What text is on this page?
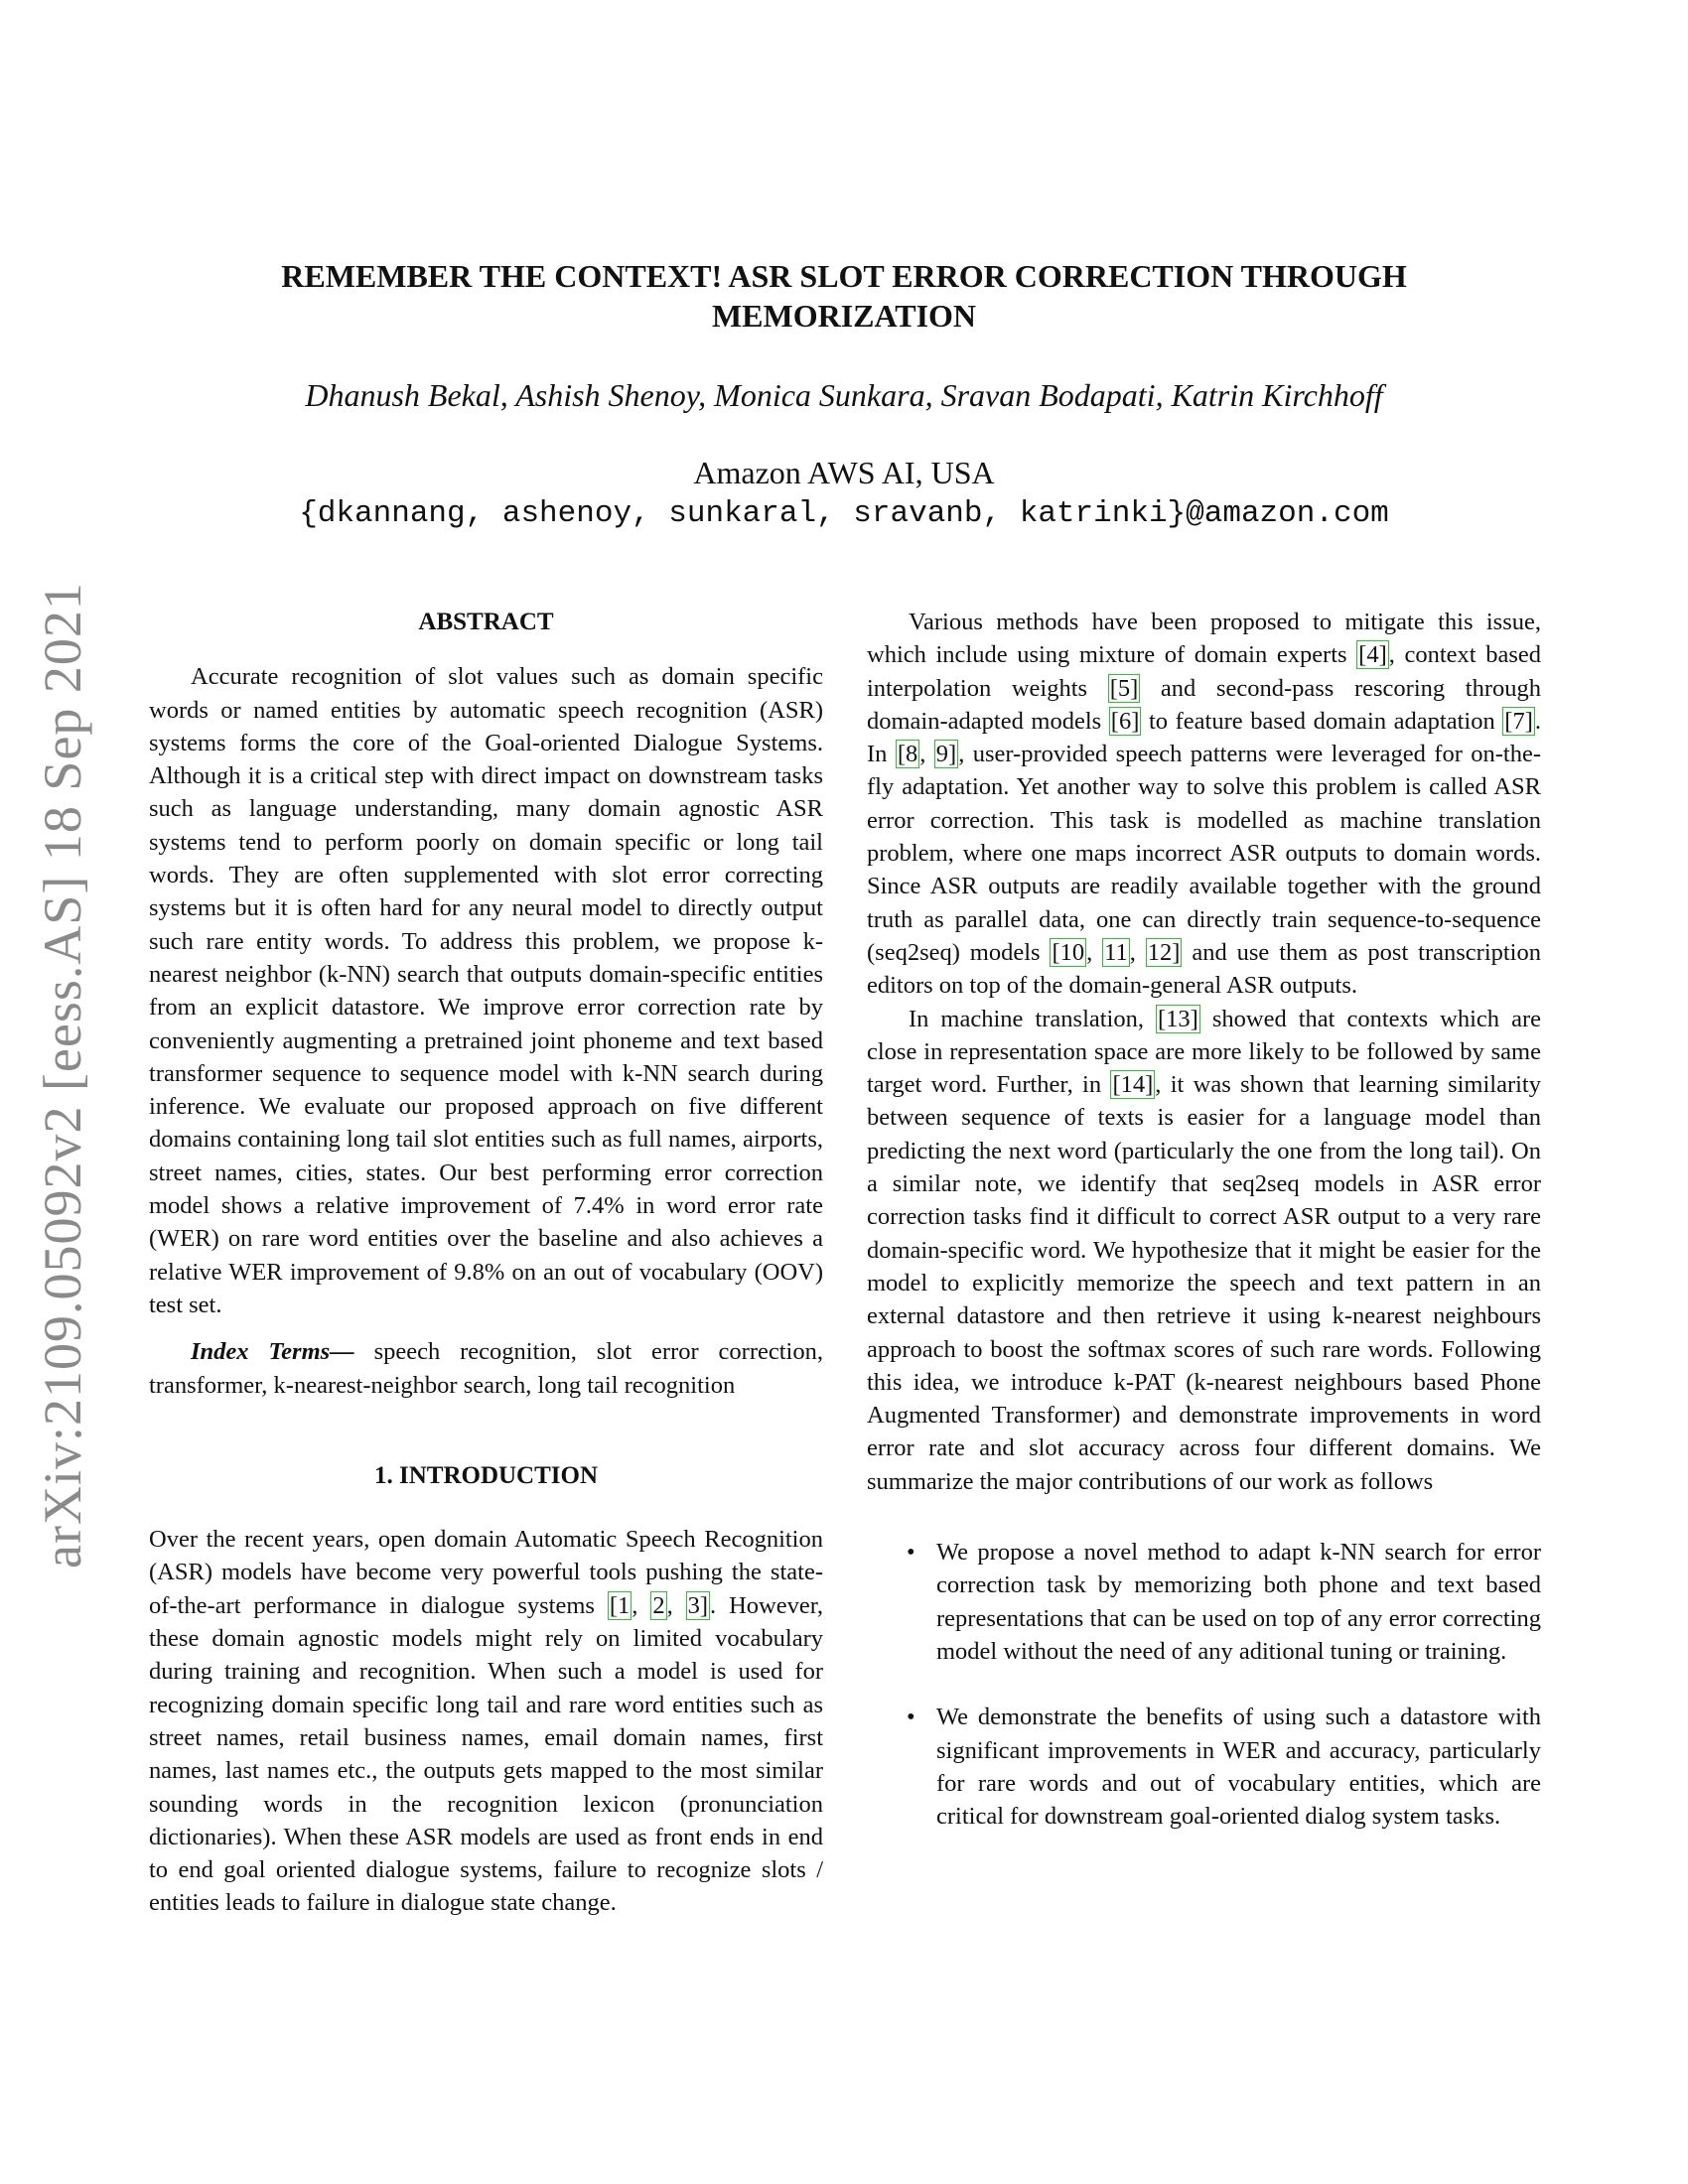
arXiv:2109.05092v2 [eess.AS] 18 Sep 2021
REMEMBER THE CONTEXT! ASR SLOT ERROR CORRECTION THROUGH
MEMORIZATION
Dhanush Bekal, Ashish Shenoy, Monica Sunkara, Sravan Bodapati, Katrin Kirchhoff
Amazon AWS AI, USA
{dkannang, ashenoy, sunkaral, sravanb, katrinki}@amazon.com

ABSTRACT

Accurate recognition of slot values such as domain specific words or named entities by automatic speech recognition (ASR) systems forms the core of the Goal-oriented Dialogue Systems. Although it is a critical step with direct impact on downstream tasks such as language understanding, many domain agnostic ASR systems tend to perform poorly on domain specific or long tail words. They are often supplemented with slot error correcting systems but it is often hard for any neural model to directly output such rare entity words. To address this problem, we propose k-nearest neighbor (k-NN) search that outputs domain-specific entities from an explicit datastore. We improve error correction rate by conveniently augmenting a pretrained joint phoneme and text based transformer sequence to sequence model with k-NN search during inference. We evaluate our proposed approach on five different domains containing long tail slot entities such as full names, airports, street names, cities, states. Our best performing error correction model shows a relative improvement of 7.4% in word error rate (WER) on rare word entities over the baseline and also achieves a relative WER improvement of 9.8% on an out of vocabulary (OOV) test set.

Index Terms— speech recognition, slot error correction, transformer, k-nearest-neighbor search, long tail recognition

1. INTRODUCTION

Over the recent years, open domain Automatic Speech Recognition (ASR) models have become very powerful tools pushing the state-of-the-art performance in dialogue systems [1, 2, 3]. However, these domain agnostic models might rely on limited vocabulary during training and recognition. When such a model is used for recognizing domain specific long tail and rare word entities such as street names, retail business names, email domain names, first names, last names etc., the outputs gets mapped to the most similar sounding words in the recognition lexicon (pronunciation dictionaries). When these ASR models are used as front ends in end to end goal oriented dialogue systems, failure to recognize slots / entities leads to failure in dialogue state change.

Various methods have been proposed to mitigate this issue, which include using mixture of domain experts [4], context based interpolation weights [5] and second-pass rescoring through domain-adapted models [6] to feature based domain adaptation [7]. In [8, 9], user-provided speech patterns were leveraged for on-the-fly adaptation. Yet another way to solve this problem is called ASR error correction. This task is modelled as machine translation problem, where one maps incorrect ASR outputs to domain words. Since ASR outputs are readily available together with the ground truth as parallel data, one can directly train sequence-to-sequence (seq2seq) models [10, 11, 12] and use them as post transcription editors on top of the domain-general ASR outputs.

In machine translation, [13] showed that contexts which are close in representation space are more likely to be followed by same target word. Further, in [14], it was shown that learning similarity between sequence of texts is easier for a language model than predicting the next word (particularly the one from the long tail). On a similar note, we identify that seq2seq models in ASR error correction tasks find it difficult to correct ASR output to a very rare domain-specific word. We hypothesize that it might be easier for the model to explicitly memorize the speech and text pattern in an external datastore and then retrieve it using k-nearest neighbours approach to boost the softmax scores of such rare words. Following this idea, we introduce k-PAT (k-nearest neighbours based Phone Augmented Transformer) and demonstrate improvements in word error rate and slot accuracy across four different domains. We summarize the major contributions of our work as follows

• We propose a novel method to adapt k-NN search for error correction task by memorizing both phone and text based representations that can be used on top of any error correcting model without the need of any aditional tuning or training.
• We demonstrate the benefits of using such a datastore with significant improvements in WER and accuracy, particularly for rare words and out of vocabulary entities, which are critical for downstream goal-oriented dialog system tasks.
